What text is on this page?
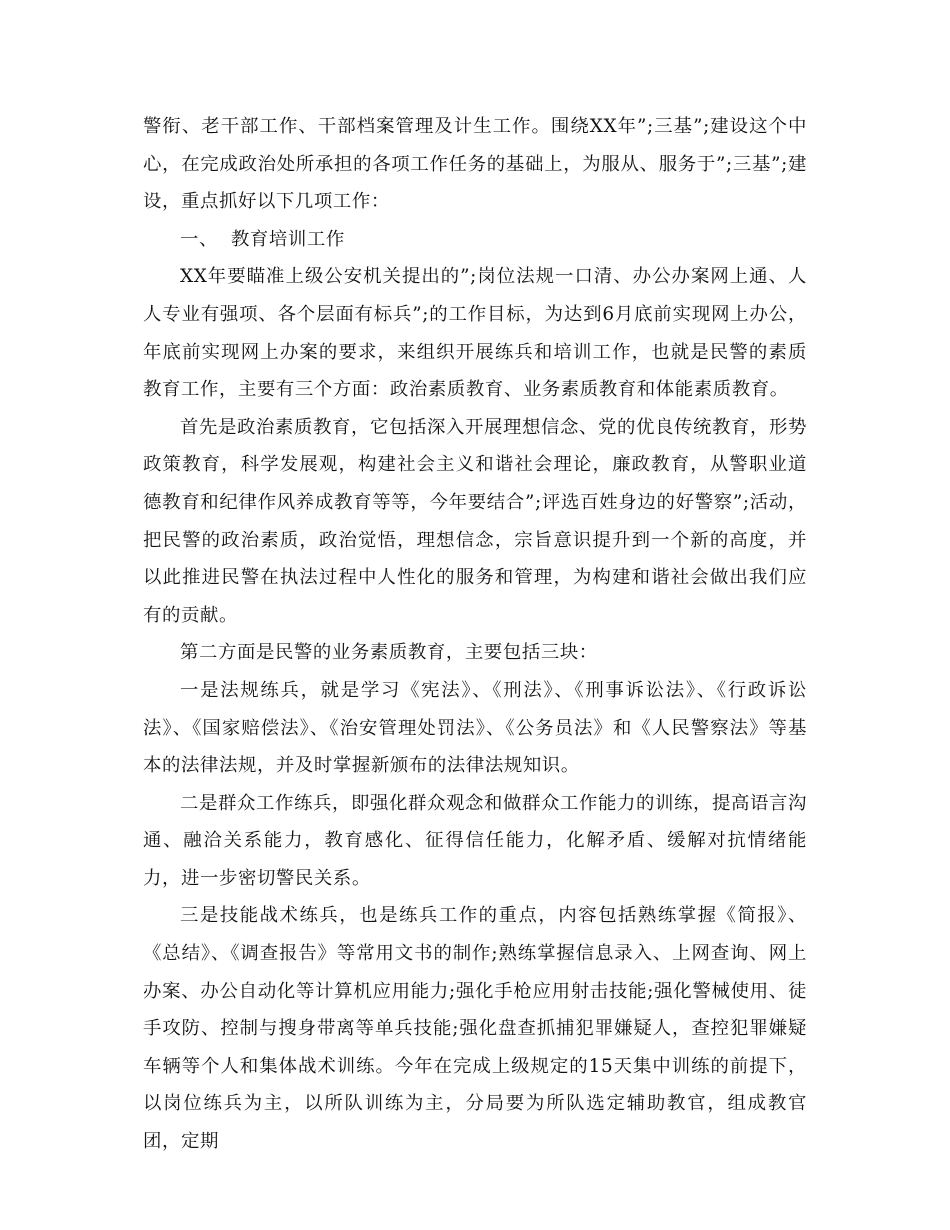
警衔、老干部工作、干部档案管理及计生工作。围绕XX年”;三基”;建设这个中心，在完成政治处所承担的各项工作任务的基础上，为服从、服务于”;三基”;建设，重点抓好以下几项工作：

一、  教育培训工作

XX年要瞄准上级公安机关提出的”;岗位法规一口清、办公办案网上通、人人专业有强项、各个层面有标兵”;的工作目标，为达到6月底前实现网上办公，年底前实现网上办案的要求，来组织开展练兵和培训工作，也就是民警的素质教育工作，主要有三个方面：政治素质教育、业务素质教育和体能素质教育。

首先是政治素质教育，它包括深入开展理想信念、党的优良传统教育，形势政策教育，科学发展观，构建社会主义和谐社会理论，廉政教育，从警职业道德教育和纪律作风养成教育等等，今年要结合”;评选百姓身边的好警察”;活动，把民警的政治素质，政治觉悟，理想信念，宗旨意识提升到一个新的高度，并以此推进民警在执法过程中人性化的服务和管理，为构建和谐社会做出我们应有的贡献。

第二方面是民警的业务素质教育，主要包括三块：

一是法规练兵，就是学习《宪法》、《刑法》、《刑事诉讼法》、《行政诉讼法》、《国家赔偿法》、《治安管理处罚法》、《公务员法》和《人民警察法》等基本的法律法规，并及时掌握新颁布的法律法规知识。

二是群众工作练兵，即强化群众观念和做群众工作能力的训练，提高语言沟通、融洽关系能力，教育感化、征得信任能力，化解矛盾、缓解对抗情绪能力，进一步密切警民关系。

三是技能战术练兵，也是练兵工作的重点，内容包括熟练掌握《简报》、《总结》、《调查报告》等常用文书的制作;熟练掌握信息录入、上网查询、网上办案、办公自动化等计算机应用能力;强化手枪应用射击技能;强化警械使用、徒手攻防、控制与搜身带离等单兵技能;强化盘查抓捕犯罪嫌疑人，查控犯罪嫌疑车辆等个人和集体战术训练。今年在完成上级规定的15天集中训练的前提下，以岗位练兵为主，以所队训练为主，分局要为所队选定辅助教官，组成教官团，定期
